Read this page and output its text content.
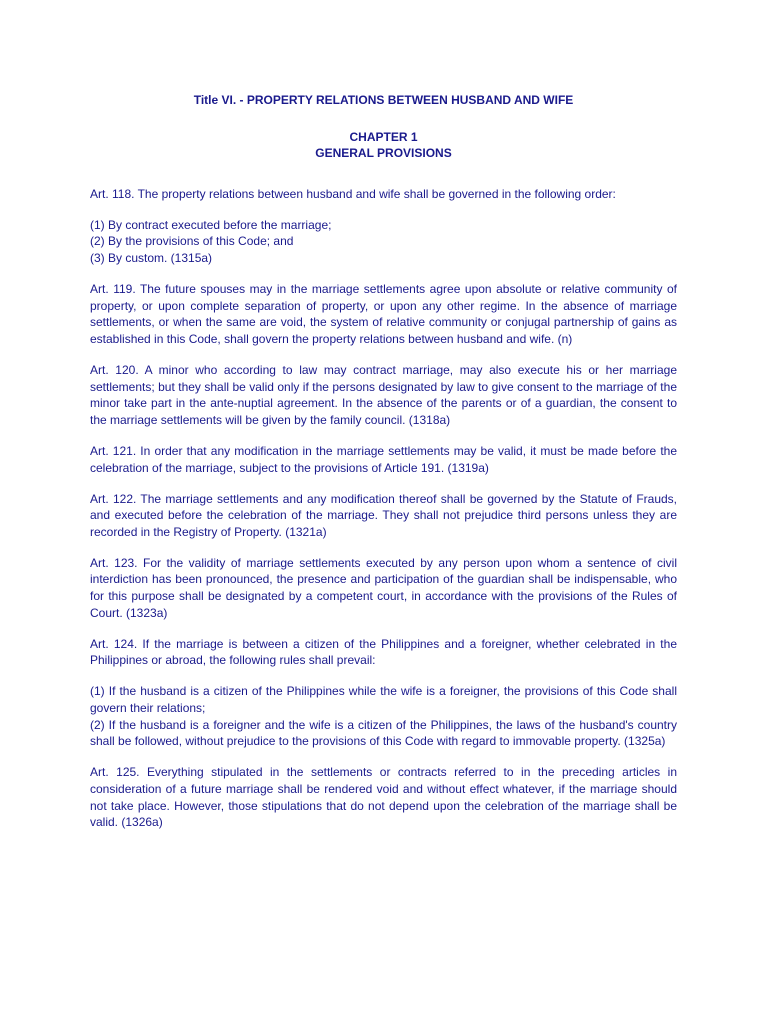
Title VI. - PROPERTY RELATIONS BETWEEN HUSBAND AND WIFE
CHAPTER 1
GENERAL PROVISIONS

Art. 118. The property relations between husband and wife shall be governed in the following order:

(1) By contract executed before the marriage;
(2) By the provisions of this Code; and
(3) By custom. (1315a)

Art. 119. The future spouses may in the marriage settlements agree upon absolute or relative community of property, or upon complete separation of property, or upon any other regime. In the absence of marriage settlements, or when the same are void, the system of relative community or conjugal partnership of gains as established in this Code, shall govern the property relations between husband and wife. (n)

Art. 120. A minor who according to law may contract marriage, may also execute his or her marriage settlements; but they shall be valid only if the persons designated by law to give consent to the marriage of the minor take part in the ante-nuptial agreement. In the absence of the parents or of a guardian, the consent to the marriage settlements will be given by the family council. (1318a)

Art. 121. In order that any modification in the marriage settlements may be valid, it must be made before the celebration of the marriage, subject to the provisions of Article 191. (1319a)

Art. 122. The marriage settlements and any modification thereof shall be governed by the Statute of Frauds, and executed before the celebration of the marriage. They shall not prejudice third persons unless they are recorded in the Registry of Property. (1321a)

Art. 123. For the validity of marriage settlements executed by any person upon whom a sentence of civil interdiction has been pronounced, the presence and participation of the guardian shall be indispensable, who for this purpose shall be designated by a competent court, in accordance with the provisions of the Rules of Court. (1323a)

Art. 124. If the marriage is between a citizen of the Philippines and a foreigner, whether celebrated in the Philippines or abroad, the following rules shall prevail:

(1) If the husband is a citizen of the Philippines while the wife is a foreigner, the provisions of this Code shall govern their relations;
(2) If the husband is a foreigner and the wife is a citizen of the Philippines, the laws of the husband's country shall be followed, without prejudice to the provisions of this Code with regard to immovable property. (1325a)

Art. 125. Everything stipulated in the settlements or contracts referred to in the preceding articles in consideration of a future marriage shall be rendered void and without effect whatever, if the marriage should not take place. However, those stipulations that do not depend upon the celebration of the marriage shall be valid. (1326a)
